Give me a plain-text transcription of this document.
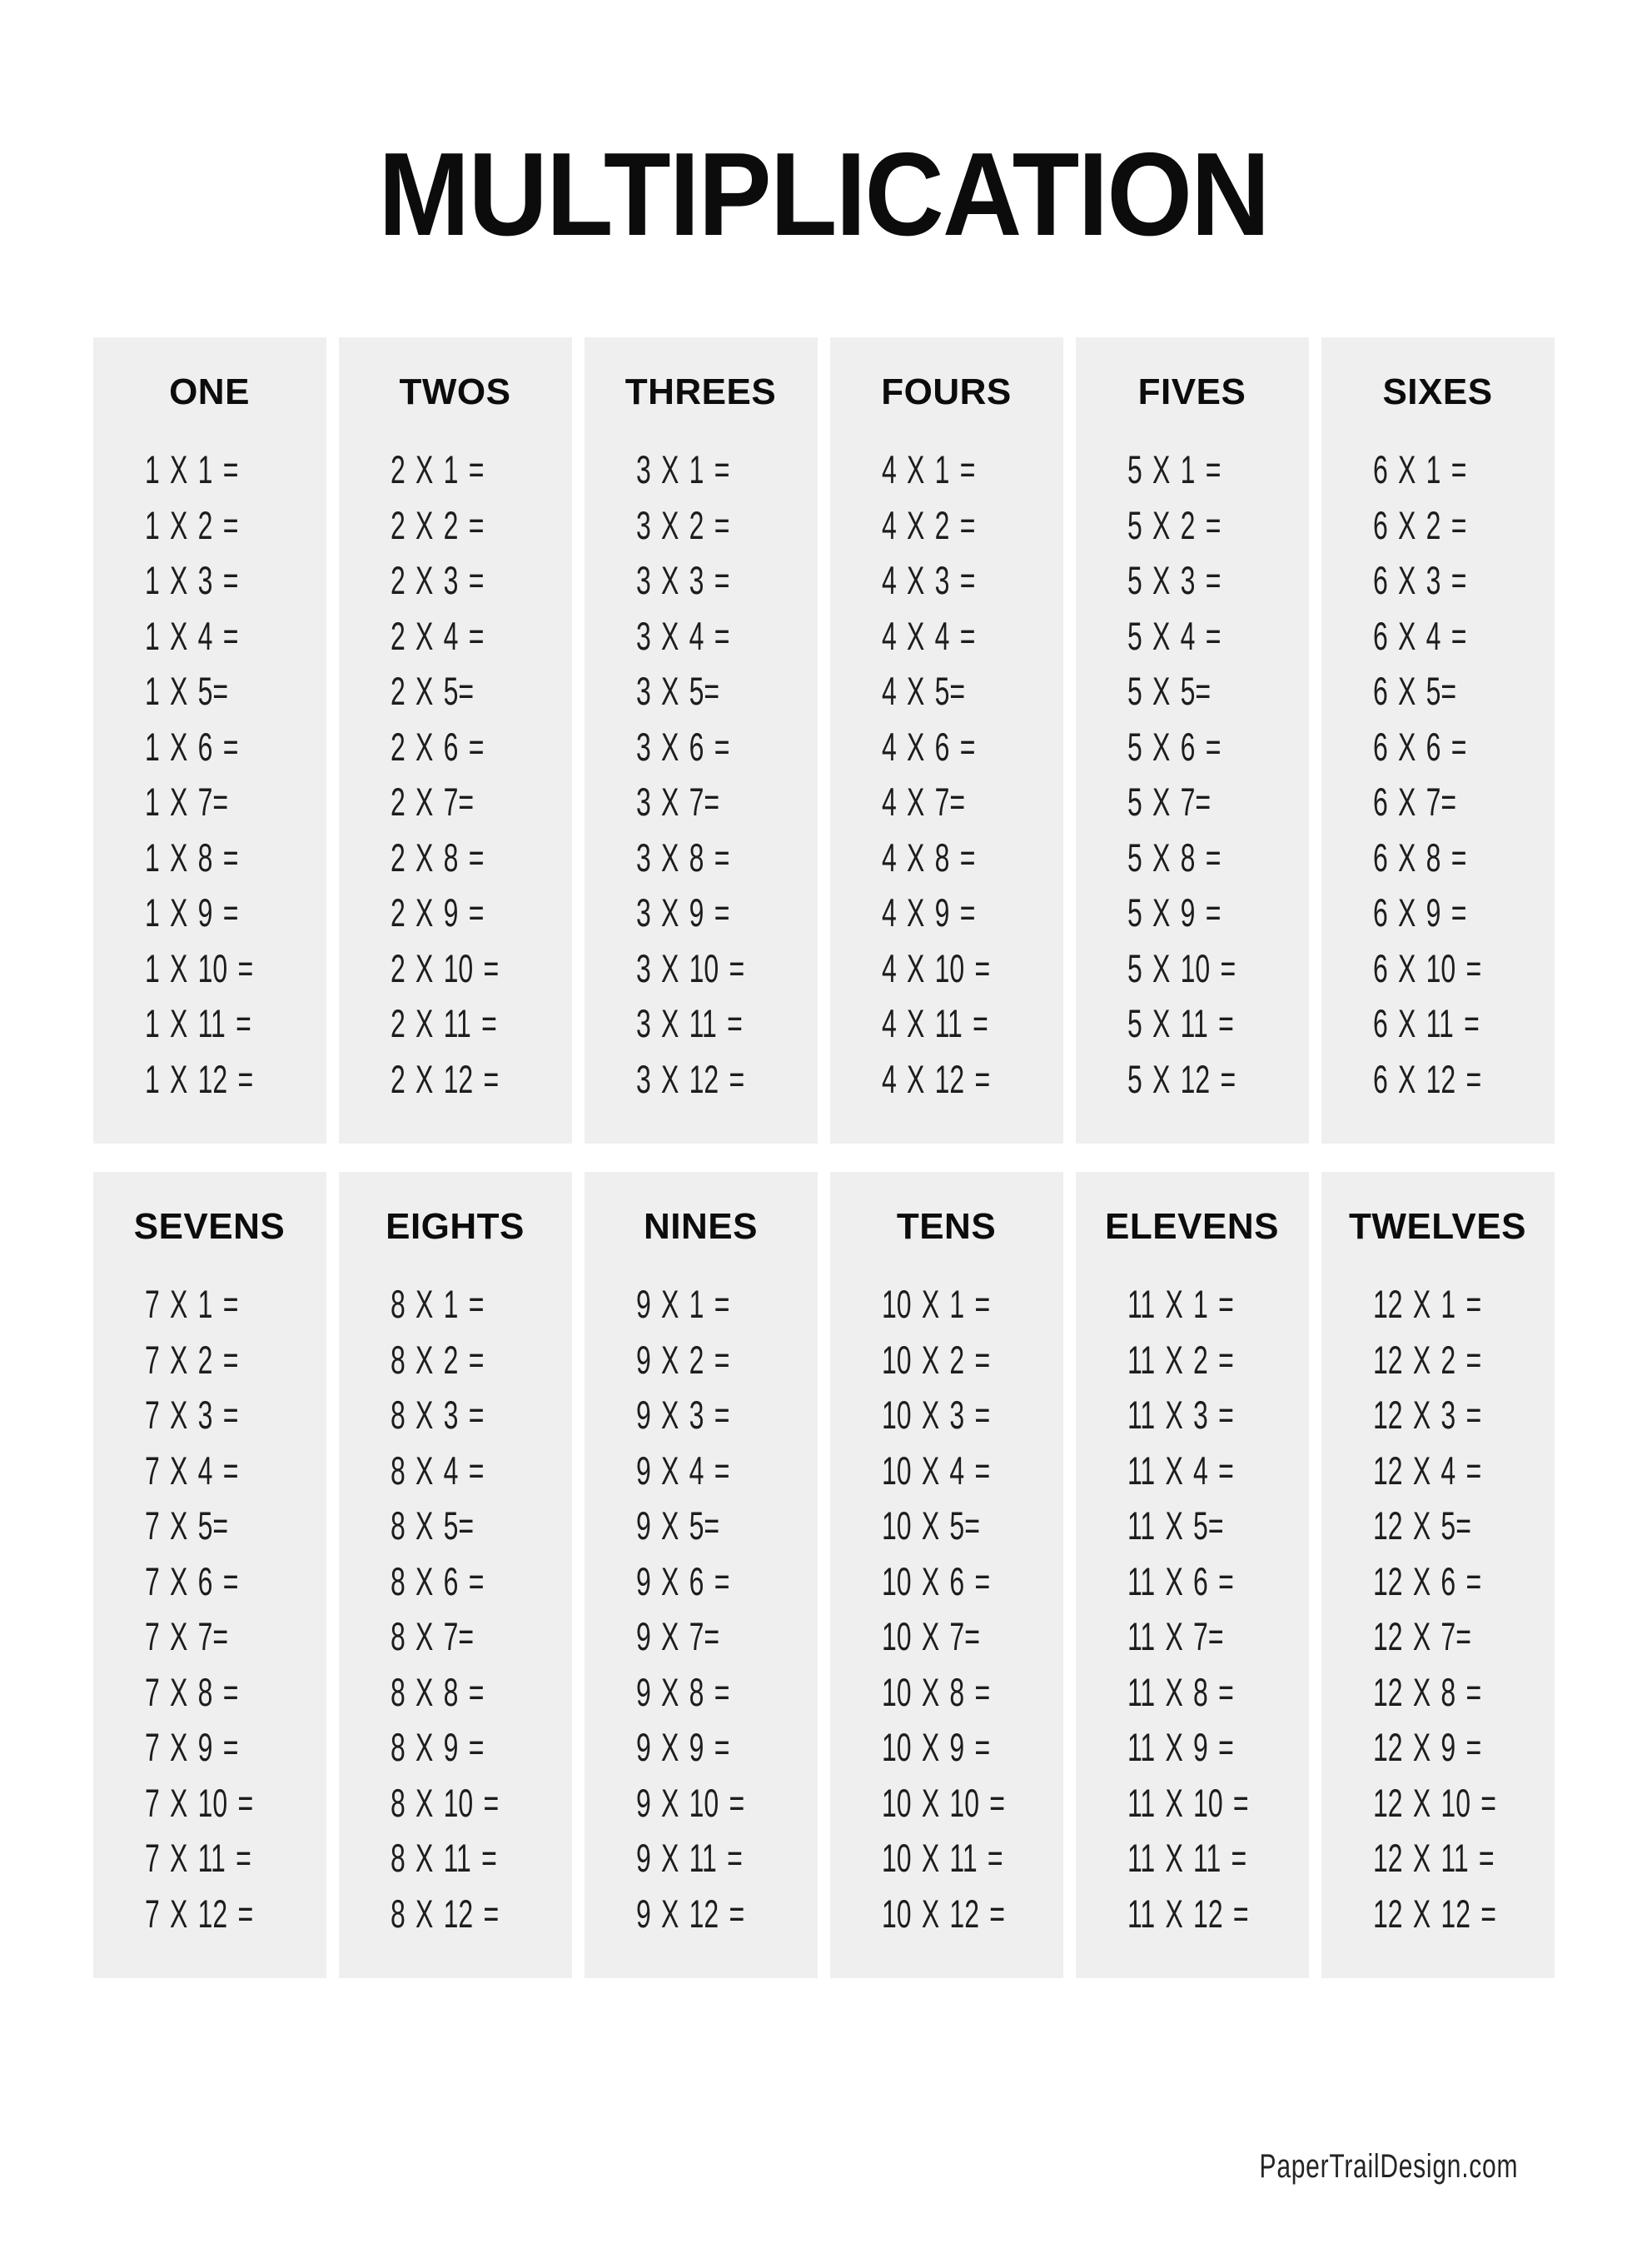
MULTIPLICATION
ONE
1 X 1 =
1 X 2 =
1 X 3 =
1 X 4 =
1 X 5=
1 X 6 =
1 X 7=
1 X 8 =
1 X 9 =
1 X 10 =
1 X 11 =
1 X 12 =
TWOS
2 X 1 =
2 X 2 =
2 X 3 =
2 X 4 =
2 X 5=
2 X 6 =
2 X 7=
2 X 8 =
2 X 9 =
2 X 10 =
2 X 11 =
2 X 12 =
THREES
3 X 1 =
3 X 2 =
3 X 3 =
3 X 4 =
3 X 5=
3 X 6 =
3 X 7=
3 X 8 =
3 X 9 =
3 X 10 =
3 X 11 =
3 X 12 =
FOURS
4 X 1 =
4 X 2 =
4 X 3 =
4 X 4 =
4 X 5=
4 X 6 =
4 X 7=
4 X 8 =
4 X 9 =
4 X 10 =
4 X 11 =
4 X 12 =
FIVES
5 X 1 =
5 X 2 =
5 X 3 =
5 X 4 =
5 X 5=
5 X 6 =
5 X 7=
5 X 8 =
5 X 9 =
5 X 10 =
5 X 11 =
5 X 12 =
SIXES
6 X 1 =
6 X 2 =
6 X 3 =
6 X 4 =
6 X 5=
6 X 6 =
6 X 7=
6 X 8 =
6 X 9 =
6 X 10 =
6 X 11 =
6 X 12 =
SEVENS
7 X 1 =
7 X 2 =
7 X 3 =
7 X 4 =
7 X 5=
7 X 6 =
7 X 7=
7 X 8 =
7 X 9 =
7 X 10 =
7 X 11 =
7 X 12 =
EIGHTS
8 X 1 =
8 X 2 =
8 X 3 =
8 X 4 =
8 X 5=
8 X 6 =
8 X 7=
8 X 8 =
8 X 9 =
8 X 10 =
8 X 11 =
8 X 12 =
NINES
9 X 1 =
9 X 2 =
9 X 3 =
9 X 4 =
9 X 5=
9 X 6 =
9 X 7=
9 X 8 =
9 X 9 =
9 X 10 =
9 X 11 =
9 X 12 =
TENS
10 X 1 =
10 X 2 =
10 X 3 =
10 X 4 =
10 X 5=
10 X 6 =
10 X 7=
10 X 8 =
10 X 9 =
10 X 10 =
10 X 11 =
10 X 12 =
ELEVENS
11 X 1 =
11 X 2 =
11 X 3 =
11 X 4 =
11 X 5=
11 X 6 =
11 X 7=
11 X 8 =
11 X 9 =
11 X 10 =
11 X 11 =
11 X 12 =
TWELVES
12 X 1 =
12 X 2 =
12 X 3 =
12 X 4 =
12 X 5=
12 X 6 =
12 X 7=
12 X 8 =
12 X 9 =
12 X 10 =
12 X 11 =
12 X 12 =
PaperTrailDesign.com
